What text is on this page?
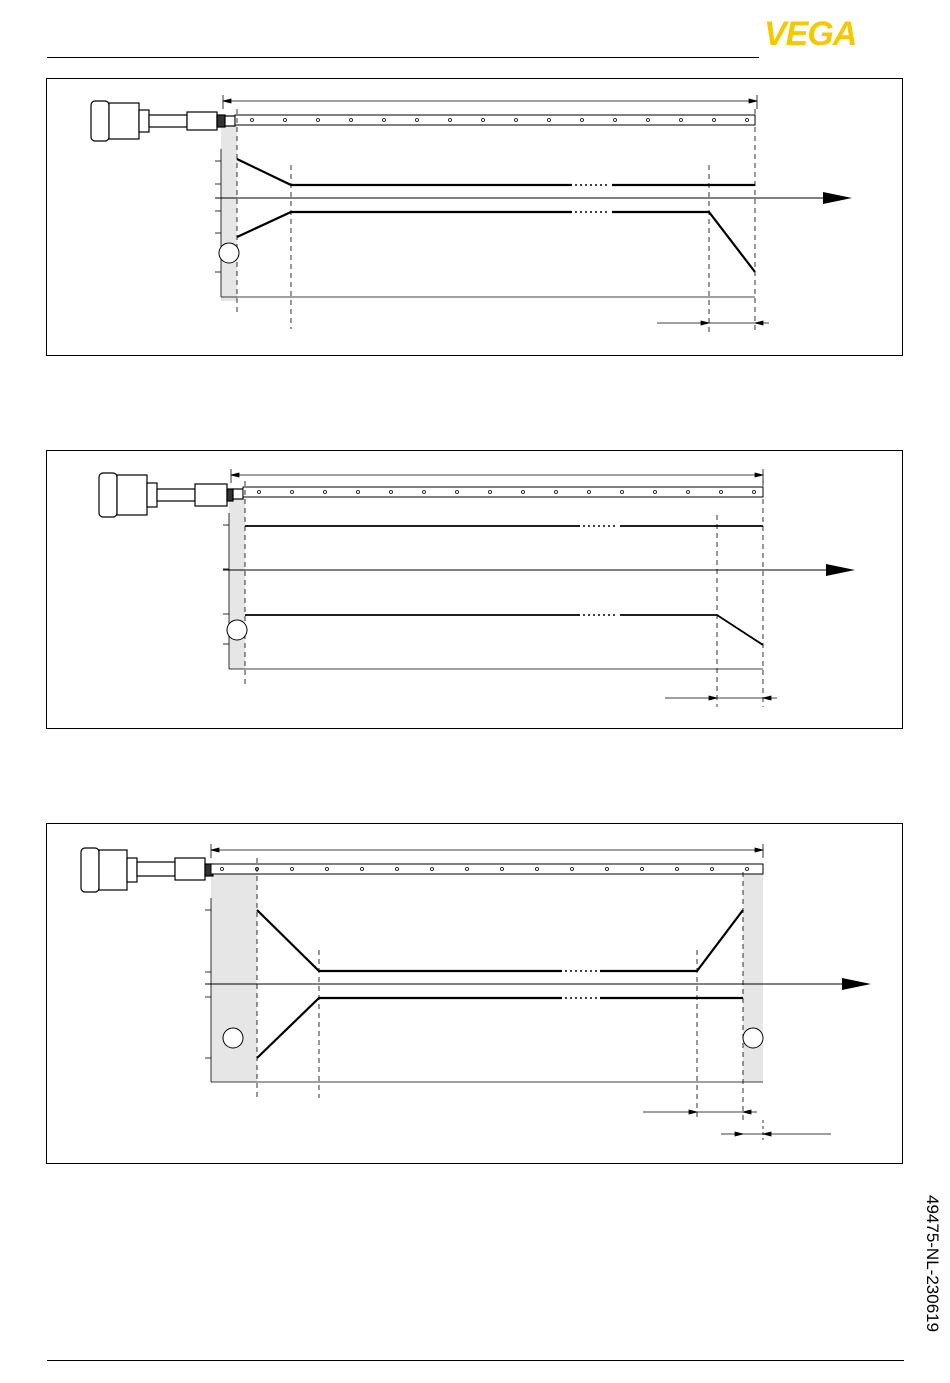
VEGA
49475-NL-230619
